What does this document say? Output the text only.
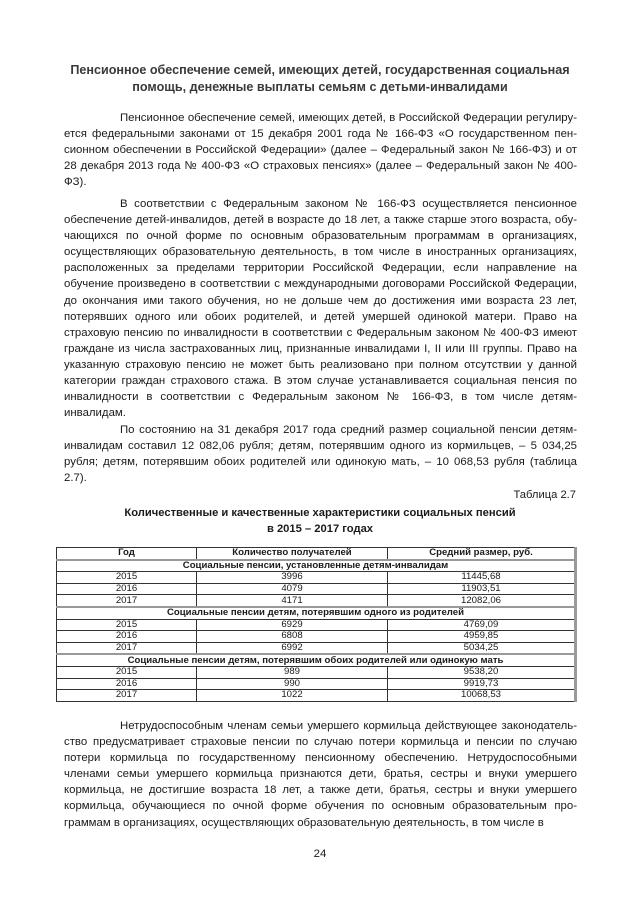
Пенсионное обеспечение семей, имеющих детей, государственная социальная
помощь, денежные выплаты семьям с детьми-инвалидами

Пенсионное обеспечение семей, имеющих детей, в Российской Федерации регулируется федеральными законами от 15 декабря 2001 года № 166-ФЗ «О государственном пенсионном обеспечении в Российской Федерации» (далее – Федеральный закон № 166-ФЗ) и от 28 декабря 2013 года № 400-ФЗ «О страховых пенсиях» (далее – Федеральный закон № 400-ФЗ).

В соответствии с Федеральным законом № 166-ФЗ осуществляется пенсионное обеспечение детей-инвалидов, детей в возрасте до 18 лет, а также старше этого возраста, обучающихся по очной форме по основным образовательным программам в организациях, осуществляющих образовательную деятельность, в том числе в иностранных организациях, расположенных за пределами территории Российской Федерации, если направление на обучение произведено в соответствии с международными договорами Российской Федерации, до окончания ими такого обучения, но не дольше чем до достижения ими возраста 23 лет, потерявших одного или обоих родителей, и детей умершей одинокой матери. Право на страховую пенсию по инвалидности в соответствии с Федеральным законом № 400-ФЗ имеют граждане из числа застрахованных лиц, признанные инвалидами I, II или III группы. Право на указанную страховую пенсию не может быть реализовано при полном отсутствии у данной категории граждан страхового стажа. В этом случае устанавливается социальная пенсия по инвалидности в соответствии с Федеральным законом № 166-ФЗ, в том числе детям-инвалидам.

По состоянию на 31 декабря 2017 года средний размер социальной пенсии детям-инвалидам составил 12 082,06 рубля; детям, потерявшим одного из кормильцев, – 5 034,25 рубля; детям, потерявшим обоих родителей или одинокую мать, – 10 068,53 рубля (таблица 2.7).

Таблица 2.7
Количественные и качественные характеристики социальных пенсий
в 2015 – 2017 годах
Год	Количество получателей	Средний размер, руб.
Социальные пенсии, установленные детям-инвалидам		
2015	3996	11445,68
2016	4079	11903,51
2017	4171	12082,06
Социальные пенсии детям, потерявшим одного из родителей		
2015	6929	4769,09
2016	6808	4959,85
2017	6992	5034,25
Социальные пенсии детям, потерявшим обоих родителей или одинокую мать		
2015	989	9538,20
2016	990	9919,73
2017	1022	10068,53

Нетрудоспособным членам семьи умершего кормильца действующее законодательство предусматривает страховые пенсии по случаю потери кормильца и пенсии по случаю потери кормильца по государственному пенсионному обеспечению. Нетрудоспособными членами семьи умершего кормильца признаются дети, братья, сестры и внуки умершего кормильца, не достигшие возраста 18 лет, а также дети, братья, сестры и внуки умершего кормильца, обучающиеся по очной форме обучения по основным образовательным программам в организациях, осуществляющих образовательную деятельность, в том числе в

24
